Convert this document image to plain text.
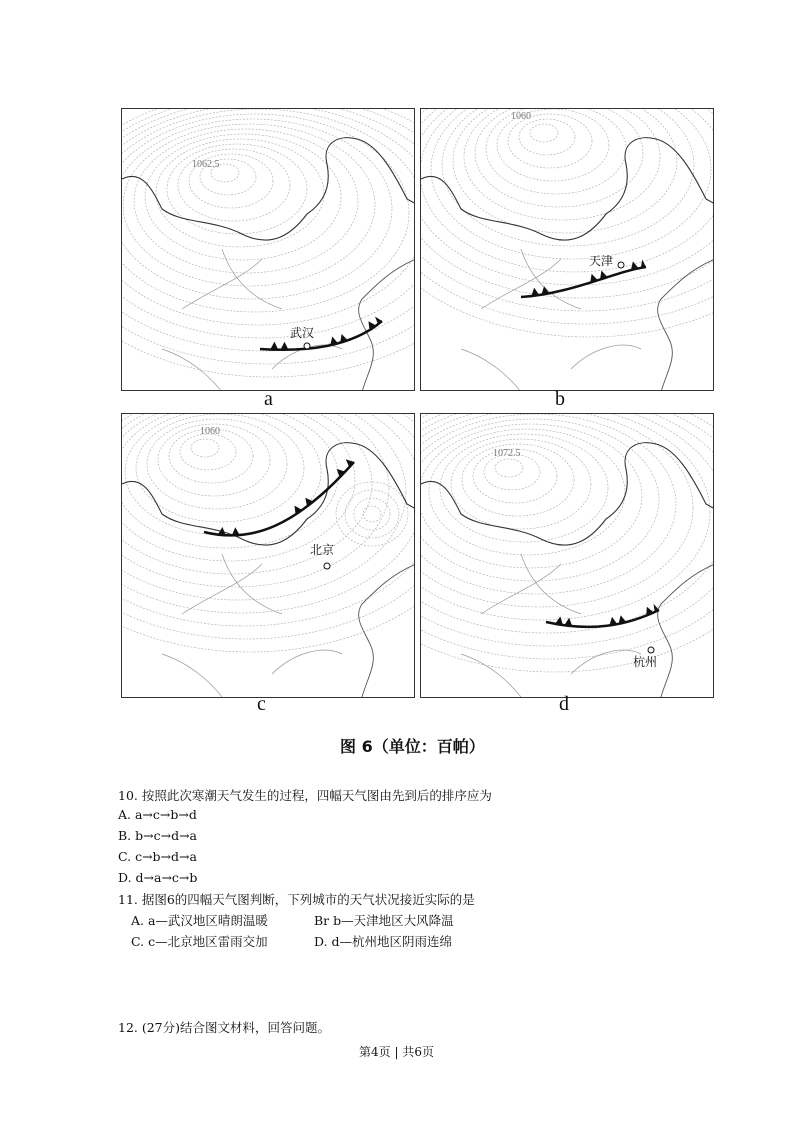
1062.5
武汉
1060
天津
1060
北京
1072.5
杭州
a	b
c	d
图 6（单位：百帕）
10. 按照此次寒潮天气发生的过程，四幅天气图由先到后的排序应为
A. a→c→b→d
B. b→c→d→a
C. c→b→d→a
D. d→a→c→b
11. 据图6的四幅天气图判断，下列城市的天气状况接近实际的是
A. a—武汉地区晴朗温暖	Br b—天津地区大风降温
C. c—北京地区雷雨交加	D. d—杭州地区阴雨连绵
12. (27分)结合图文材料，回答问题。
第4页 | 共6页
